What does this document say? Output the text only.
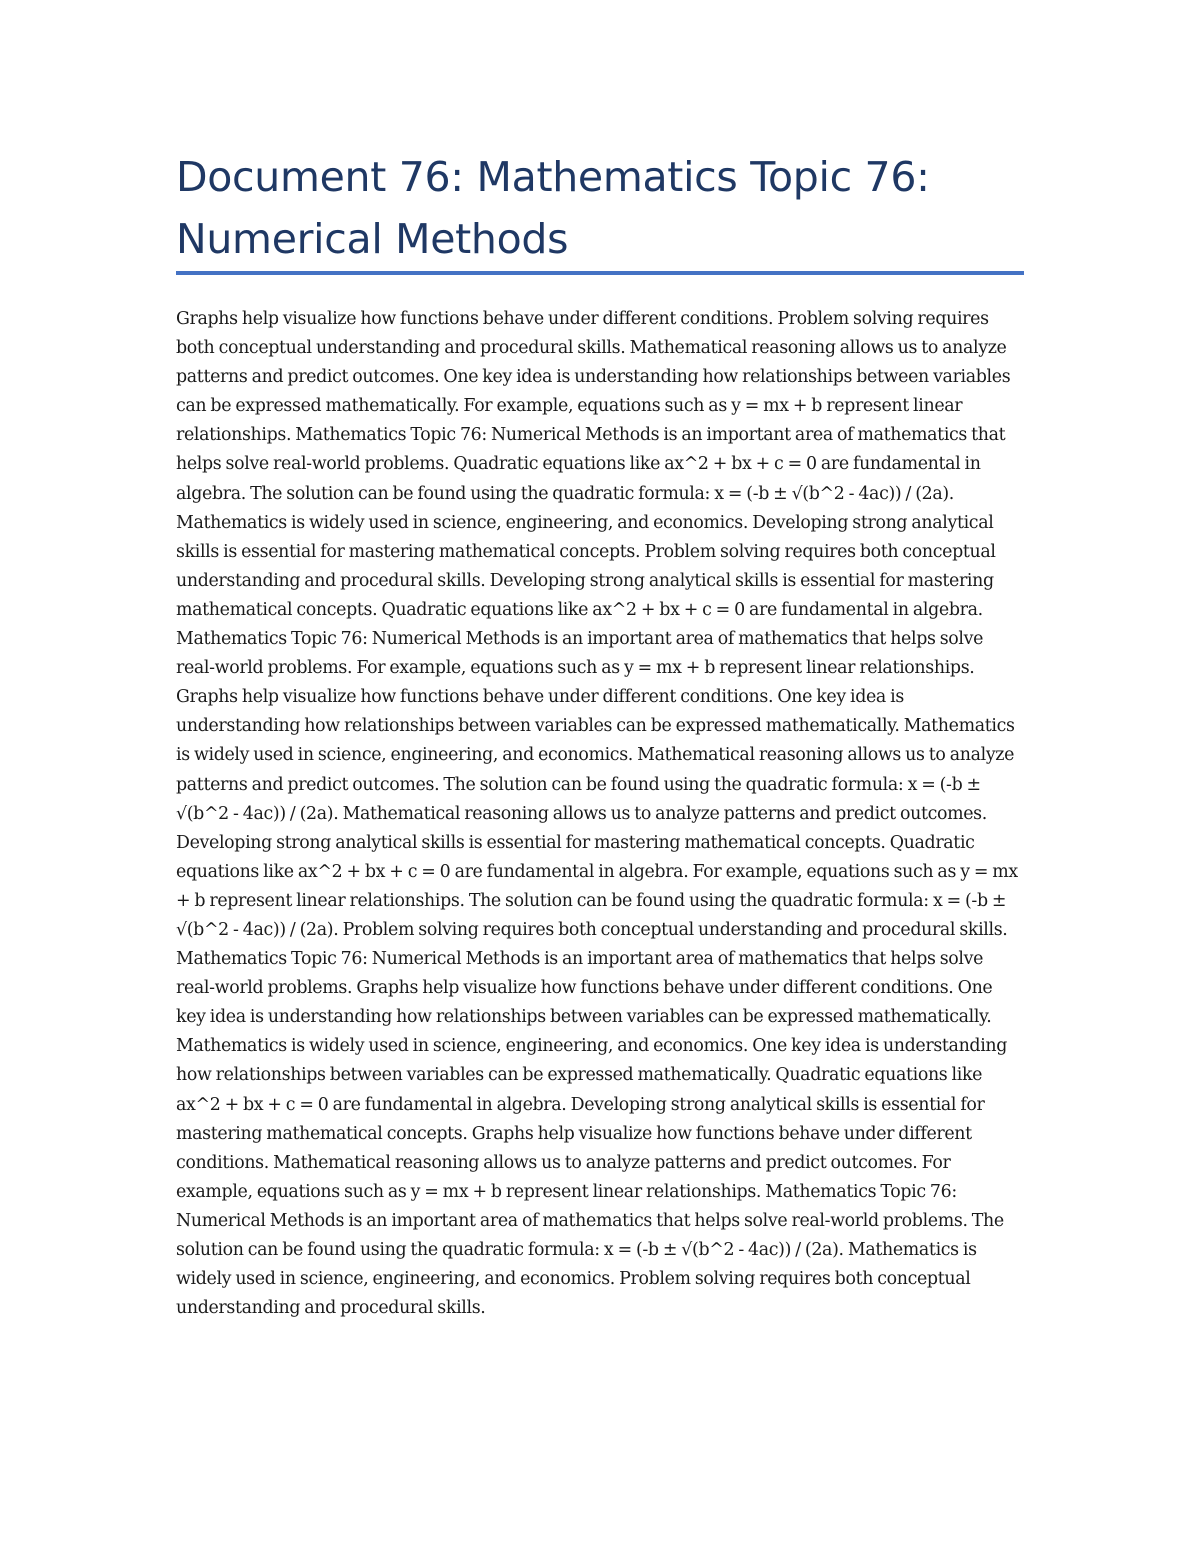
Document 76: Mathematics Topic 76: Numerical Methods

Graphs help visualize how functions behave under different conditions. Problem solving requires both conceptual understanding and procedural skills. Mathematical reasoning allows us to analyze patterns and predict outcomes. One key idea is understanding how relationships between variables can be expressed mathematically. For example, equations such as y = mx + b represent linear relationships. Mathematics Topic 76: Numerical Methods is an important area of mathematics that helps solve real-world problems. Quadratic equations like ax^2 + bx + c = 0 are fundamental in algebra. The solution can be found using the quadratic formula: x = (-b ± √(b^2 - 4ac)) / (2a). Mathematics is widely used in science, engineering, and economics. Developing strong analytical skills is essential for mastering mathematical concepts. Problem solving requires both conceptual understanding and procedural skills. Developing strong analytical skills is essential for mastering mathematical concepts. Quadratic equations like ax^2 + bx + c = 0 are fundamental in algebra. Mathematics Topic 76: Numerical Methods is an important area of mathematics that helps solve real-world problems. For example, equations such as y = mx + b represent linear relationships. Graphs help visualize how functions behave under different conditions. One key idea is understanding how relationships between variables can be expressed mathematically. Mathematics is widely used in science, engineering, and economics. Mathematical reasoning allows us to analyze patterns and predict outcomes. The solution can be found using the quadratic formula: x = (-b ± √(b^2 - 4ac)) / (2a). Mathematical reasoning allows us to analyze patterns and predict outcomes. Developing strong analytical skills is essential for mastering mathematical concepts. Quadratic equations like ax^2 + bx + c = 0 are fundamental in algebra. For example, equations such as y = mx + b represent linear relationships. The solution can be found using the quadratic formula: x = (-b ± √(b^2 - 4ac)) / (2a). Problem solving requires both conceptual understanding and procedural skills. Mathematics Topic 76: Numerical Methods is an important area of mathematics that helps solve real-world problems. Graphs help visualize how functions behave under different conditions. One key idea is understanding how relationships between variables can be expressed mathematically. Mathematics is widely used in science, engineering, and economics. One key idea is understanding how relationships between variables can be expressed mathematically. Quadratic equations like ax^2 + bx + c = 0 are fundamental in algebra. Developing strong analytical skills is essential for mastering mathematical concepts. Graphs help visualize how functions behave under different conditions. Mathematical reasoning allows us to analyze patterns and predict outcomes. For example, equations such as y = mx + b represent linear relationships. Mathematics Topic 76: Numerical Methods is an important area of mathematics that helps solve real-world problems. The solution can be found using the quadratic formula: x = (-b ± √(b^2 - 4ac)) / (2a). Mathematics is widely used in science, engineering, and economics. Problem solving requires both conceptual understanding and procedural skills.
